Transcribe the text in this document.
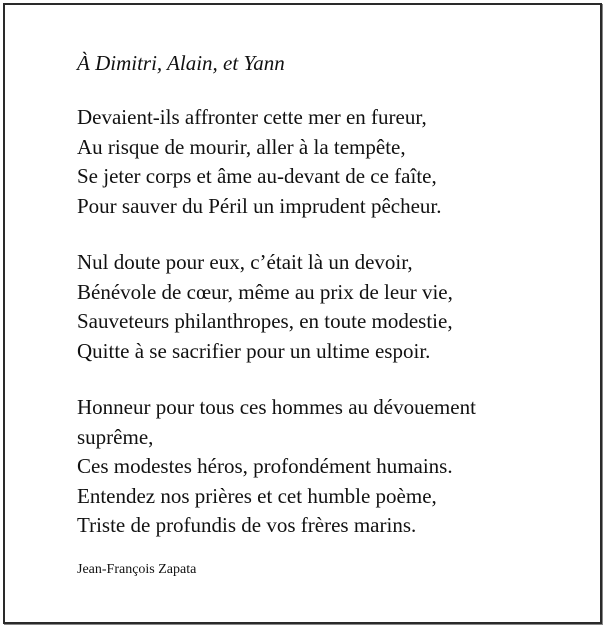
À Dimitri, Alain, et Yann
Devaient-ils affronter cette mer en fureur,
Au risque de mourir, aller à la tempête,
Se jeter corps et âme au-devant de ce faîte,
Pour sauver du Péril un imprudent pêcheur.
Nul doute pour eux, c’était là un devoir,
Bénévole de cœur, même au prix de leur vie,
Sauveteurs philanthropes, en toute modestie,
Quitte à se sacrifier pour un ultime espoir.
Honneur pour tous ces hommes au dévouement
suprême,
Ces modestes héros, profondément humains.
Entendez nos prières et cet humble poème,
Triste de profundis de vos frères marins.
Jean-François Zapata
